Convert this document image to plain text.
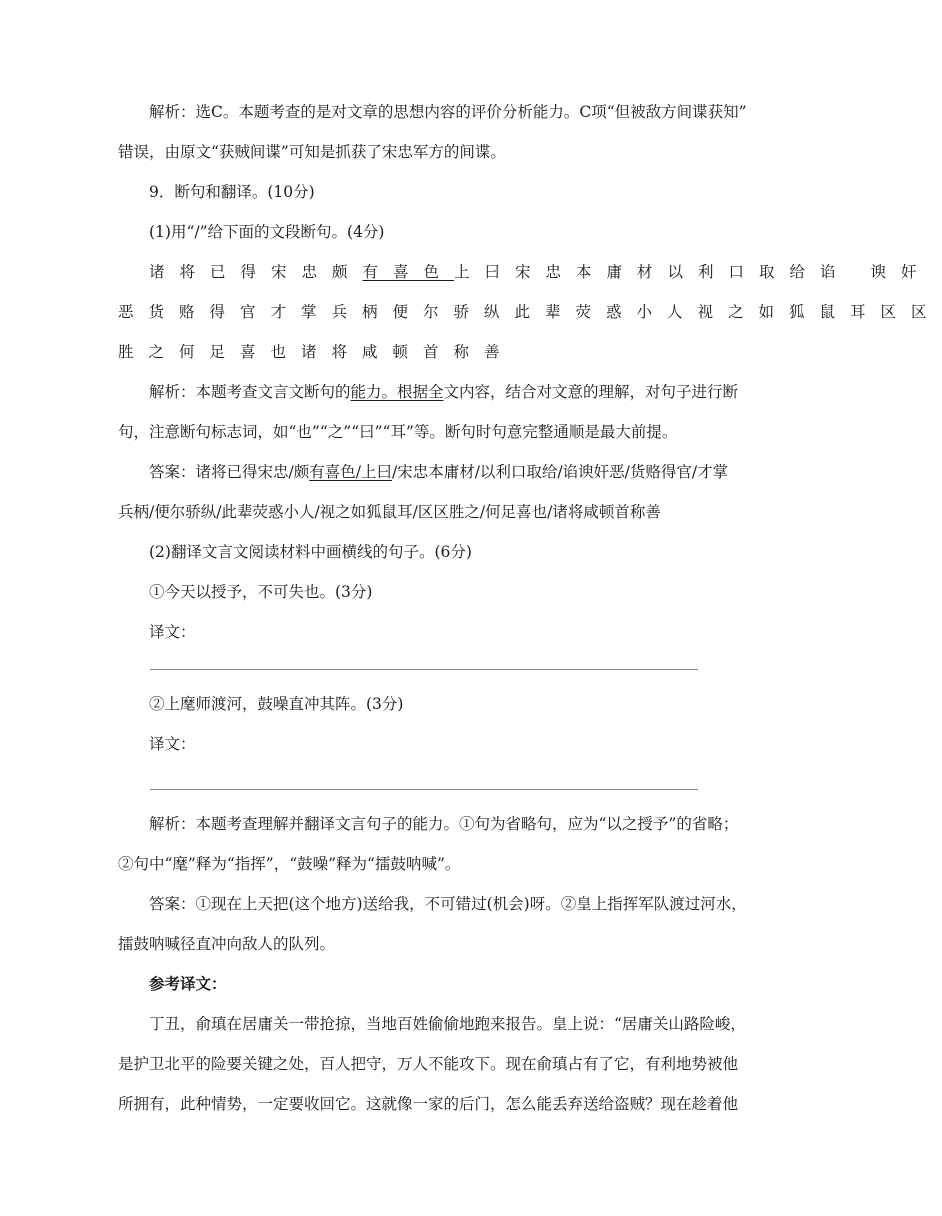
解析：选C。本题考查的是对文章的思想内容的评价分析能力。C项“但被敌方间谍获知”

错误，由原文“获贼间谍”可知是抓获了宋忠军方的间谍。

9．断句和翻译。(10分)

(1)用“/”给下面的文段断句。(4分)

诸将已得宋忠颇有喜色上曰宋忠本庸材以利口取给谄 谀奸

恶货赂得官才掌兵柄便尔骄纵此辈荧惑小人视之如狐鼠耳区区

胜之何足喜也诸将咸顿首称善

解析：本题考查文言文断句的能力。根据全文内容，结合对文意的理解，对句子进行断

句，注意断句标志词，如“也”“之”“曰”“耳”等。断句时句意完整通顺是最大前提。

答案：诸将已得宋忠/颇有喜色/上曰/宋忠本庸材/以利口取给/谄谀奸恶/货赂得官/才掌

兵柄/便尔骄纵/此辈荧惑小人/视之如狐鼠耳/区区胜之/何足喜也/诸将咸顿首称善

(2)翻译文言文阅读材料中画横线的句子。(6分)

①今天以授予，不可失也。(3分)

译文：

②上麾师渡河，鼓噪直冲其阵。(3分)

译文：

解析：本题考查理解并翻译文言句子的能力。①句为省略句，应为“以之授予”的省略；

②句中“麾”释为“指挥”，“鼓噪”释为“擂鼓呐喊”。

答案：①现在上天把(这个地方)送给我，不可错过(机会)呀。②皇上指挥军队渡过河水，

擂鼓呐喊径直冲向敌人的队列。

参考译文：

丁丑，俞瑱在居庸关一带抢掠，当地百姓偷偷地跑来报告。皇上说：“居庸关山路险峻，

是护卫北平的险要关键之处，百人把守，万人不能攻下。现在俞瑱占有了它，有利地势被他

所拥有，此种情势，一定要收回它。这就像一家的后门，怎么能丢弃送给盗贼？现在趁着他
